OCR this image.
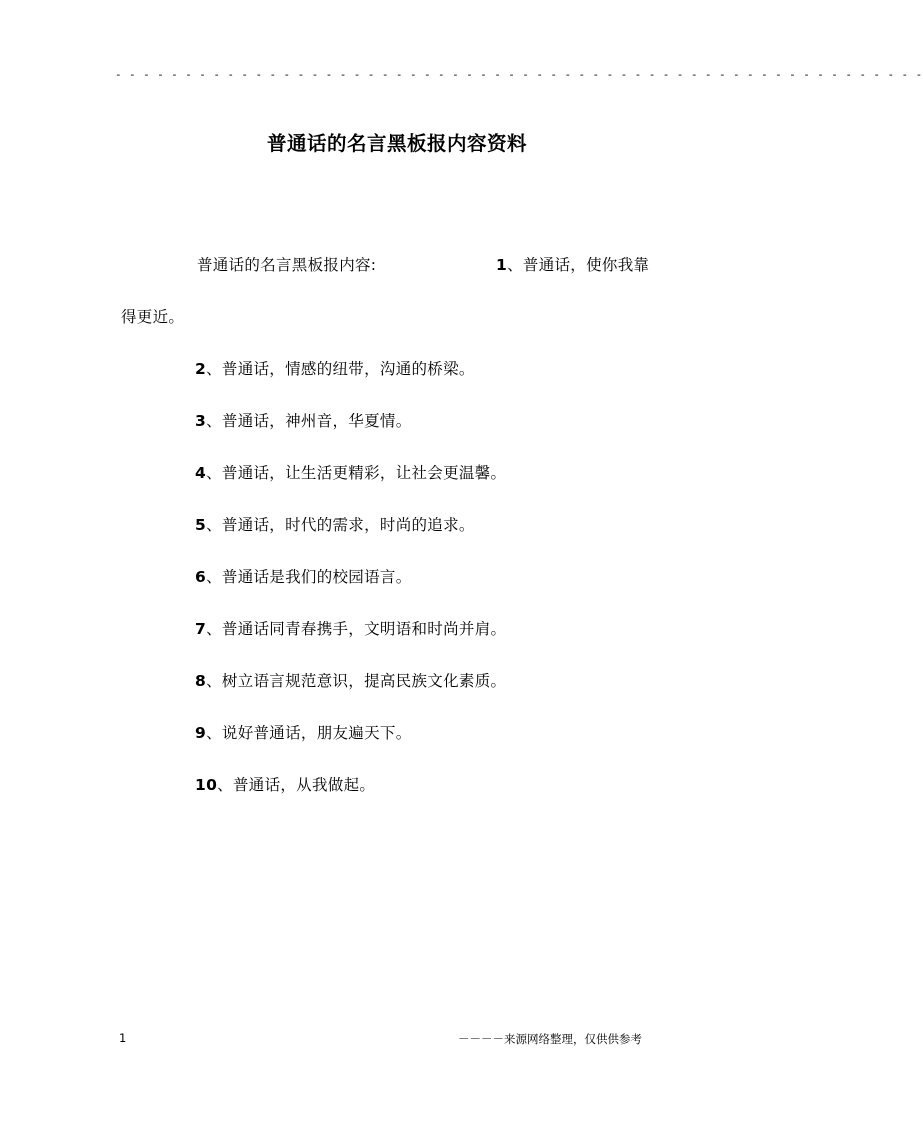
- - - - - - - - - - - - - - - - - - - - - - - - - - - - - - - - - - - - - - - - - - - - - - - - - - - - - - - - - -
普通话的名言黑板报内容资料
普通话的名言黑板报内容:	1、普通话，使你我靠
得更近。
2、普通话，情感的纽带，沟通的桥梁。
3、普通话，神州音，华夏情。
4、普通话，让生活更精彩，让社会更温馨。
5、普通话，时代的需求，时尚的追求。
6、普通话是我们的校园语言。
7、普通话同青春携手，文明语和时尚并肩。
8、树立语言规范意识，提高民族文化素质。
9、说好普通话，朋友遍天下。
10、普通话，从我做起。
1	－－－－来源网络整理，仅供供参考
